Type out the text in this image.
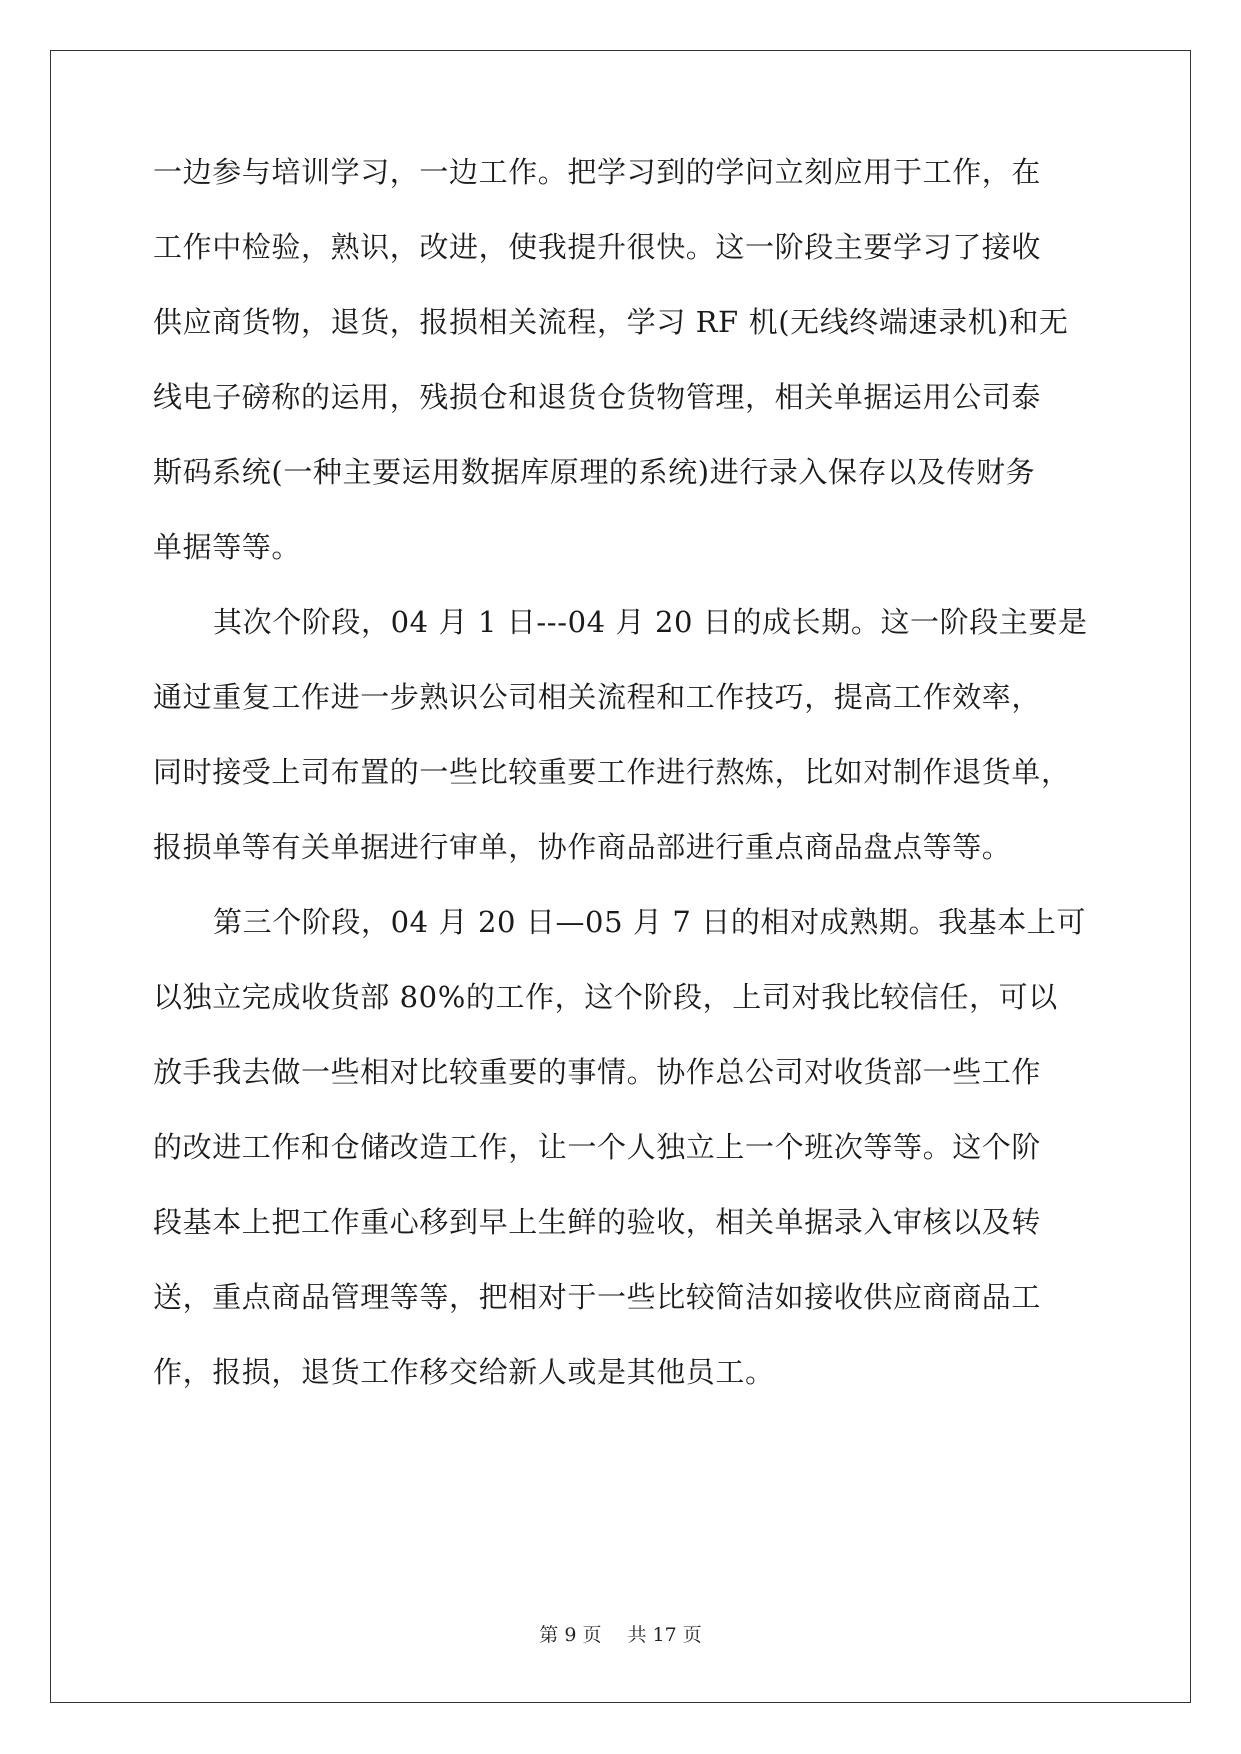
一边参与培训学习，一边工作。把学习到的学问立刻应用于工作，在
工作中检验，熟识，改进，使我提升很快。这一阶段主要学习了接收
供应商货物，退货，报损相关流程，学习 RF 机(无线终端速录机)和无
线电子磅称的运用，残损仓和退货仓货物管理，相关单据运用公司泰
斯码系统(一种主要运用数据库原理的系统)进行录入保存以及传财务
单据等等。
其次个阶段，04 月 1 日---04 月 20 日的成长期。这一阶段主要是
通过重复工作进一步熟识公司相关流程和工作技巧，提高工作效率，
同时接受上司布置的一些比较重要工作进行熬炼，比如对制作退货单，
报损单等有关单据进行审单，协作商品部进行重点商品盘点等等。
第三个阶段，04 月 20 日—05 月 7 日的相对成熟期。我基本上可
以独立完成收货部 80%的工作，这个阶段，上司对我比较信任，可以
放手我去做一些相对比较重要的事情。协作总公司对收货部一些工作
的改进工作和仓储改造工作，让一个人独立上一个班次等等。这个阶
段基本上把工作重心移到早上生鲜的验收，相关单据录入审核以及转
送，重点商品管理等等，把相对于一些比较简洁如接收供应商商品工
作，报损，退货工作移交给新人或是其他员工。
第 9 页 共 17 页
